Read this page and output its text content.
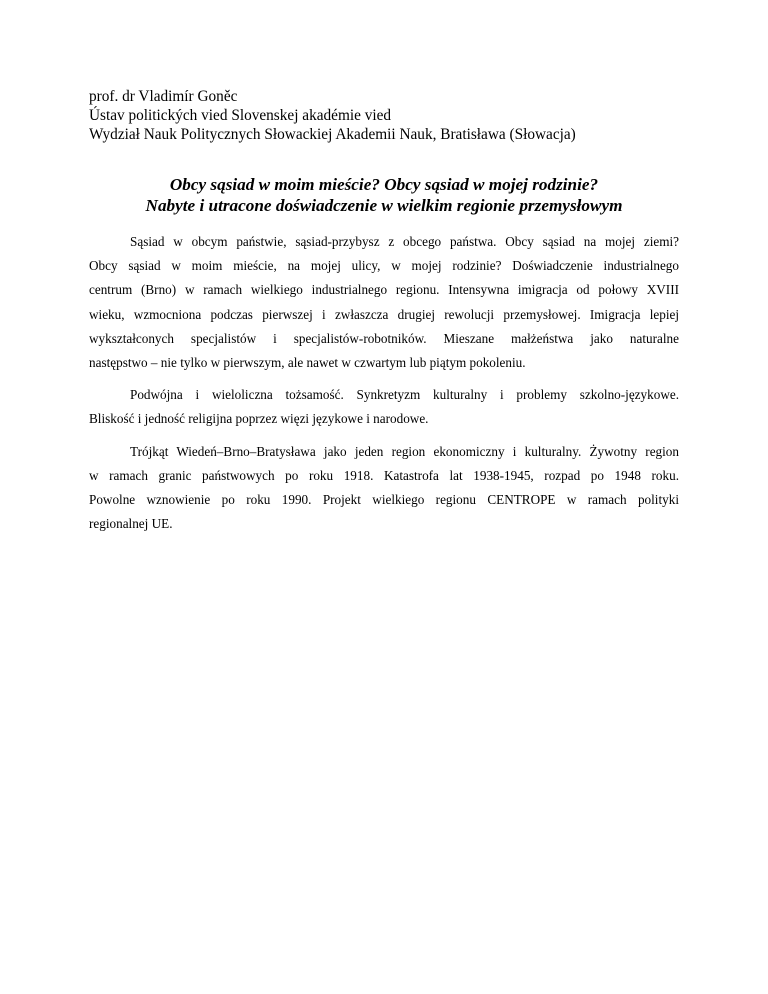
prof. dr Vladimír Goněc
Ústav politických vied Slovenskej akadémie vied
Wydział Nauk Politycznych Słowackiej Akademii Nauk, Bratisława (Słowacja)
Obcy sąsiad w moim mieście? Obcy sąsiad w mojej rodzinie?
Nabyte i utracone doświadczenie w wielkim regionie przemysłowym
Sąsiad w obcym państwie, sąsiad-przybysz z obcego państwa. Obcy sąsiad na mojej ziemi?
Obcy sąsiad w moim mieście, na mojej ulicy, w mojej rodzinie? Doświadczenie industrialnego
centrum (Brno) w ramach wielkiego industrialnego regionu. Intensywna imigracja od połowy XVIII
wieku, wzmocniona podczas pierwszej i zwłaszcza drugiej rewolucji przemysłowej. Imigracja lepiej
wykształconych specjalistów i specjalistów-robotników. Mieszane małżeństwa jako naturalne
następstwo – nie tylko w pierwszym, ale nawet w czwartym lub piątym pokoleniu.
Podwójna i wieloliczna tożsamość. Synkretyzm kulturalny i problemy szkolno-językowe.
Bliskość i jedność religijna poprzez więzi językowe i narodowe.
Trójkąt Wiedeń–Brno–Bratysława jako jeden region ekonomiczny i kulturalny. Żywotny region
w ramach granic państwowych po roku 1918. Katastrofa lat 1938-1945, rozpad po 1948 roku.
Powolne wznowienie po roku 1990. Projekt wielkiego regionu CENTROPE w ramach polityki
regionalnej UE.
